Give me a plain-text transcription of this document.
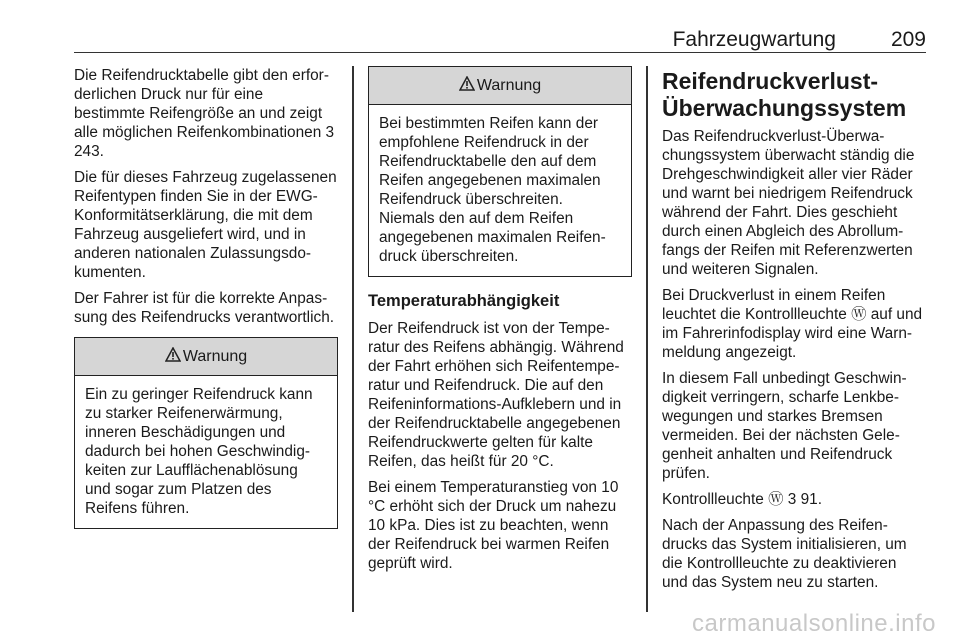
Fahrzeugwartung	209

Die Reifendrucktabelle gibt den erforderlichen Druck nur für eine bestimmte Reifengröße an und zeigt alle möglichen Reifenkombinationen 3 243.

Die für dieses Fahrzeug zugelassenen Reifentypen finden Sie in der EWG-Konformitätserklärung, die mit dem Fahrzeug ausgeliefert wird, und in anderen nationalen Zulassungsdokumenten.

Der Fahrer ist für die korrekte Anpassung des Reifendrucks verantwortlich.

Warnung
Ein zu geringer Reifendruck kann zu starker Reifenerwärmung, inneren Beschädigungen und dadurch bei hohen Geschwindigkeiten zur Laufflächenablösung und sogar zum Platzen des Reifens führen.
Warnung
Bei bestimmten Reifen kann der empfohlene Reifendruck in der Reifendrucktabelle den auf dem Reifen angegebenen maximalen Reifendruck überschreiten. Niemals den auf dem Reifen angegebenen maximalen Reifendruck überschreiten.
Temperaturabhängigkeit

Der Reifendruck ist von der Temperatur des Reifens abhängig. Während der Fahrt erhöhen sich Reifentemperatur und Reifendruck. Die auf den Reifeninformations-Aufklebern und in der Reifendrucktabelle angegebenen Reifendruckwerte gelten für kalte Reifen, das heißt für 20 °C.

Bei einem Temperaturanstieg von 10 °C erhöht sich der Druck um nahezu 10 kPa. Dies ist zu beachten, wenn der Reifendruck bei warmen Reifen geprüft wird.

Reifendruckverlust-Überwachungssystem

Das Reifendruckverlust-Überwachungssystem überwacht ständig die Drehgeschwindigkeit aller vier Räder und warnt bei niedrigem Reifendruck während der Fahrt. Dies geschieht durch einen Abgleich des Abrollumfangs der Reifen mit Referenzwerten und weiteren Signalen.

Bei Druckverlust in einem Reifen leuchtet die Kontrollleuchte Ⓦ auf und im Fahrerinfodisplay wird eine Warnmeldung angezeigt.

In diesem Fall unbedingt Geschwindigkeit verringern, scharfe Lenkbewegungen und starkes Bremsen vermeiden. Bei der nächsten Gelegenheit anhalten und Reifendruck prüfen.

Kontrollleuchte Ⓦ 3 91.

Nach der Anpassung des Reifendrucks das System initialisieren, um die Kontrollleuchte zu deaktivieren und das System neu zu starten.

carmanualsonline.info
